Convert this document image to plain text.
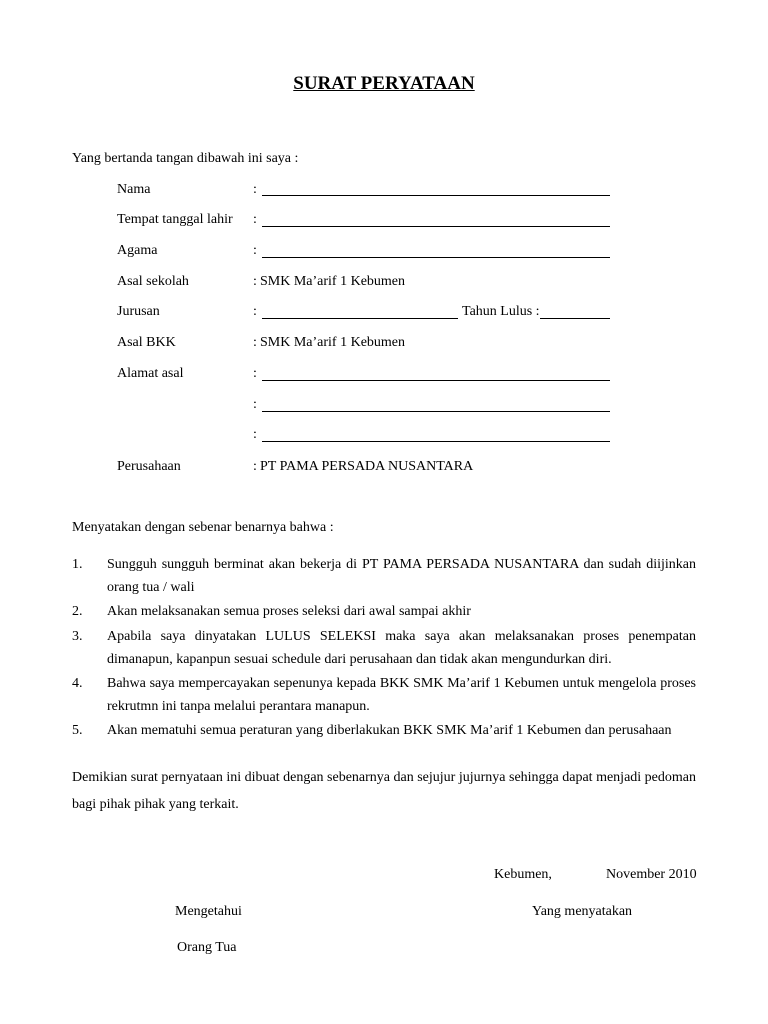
SURAT PERYATAAN
Yang bertanda tangan dibawah ini saya :
Nama	:
Tempat tanggal lahir :
Agama	:
Asal sekolah	: SMK Ma’arif 1 Kebumen
Jurusan	:	Tahun Lulus :
Asal BKK	: SMK Ma’arif 1 Kebumen
Alamat asal	:
:
:
Perusahaan	: PT PAMA PERSADA NUSANTARA
Menyatakan dengan sebenar benarnya bahwa :
1. Sungguh sungguh berminat akan bekerja di PT PAMA PERSADA NUSANTARA dan sudah diijinkan orang tua / wali
2. Akan melaksanakan semua proses seleksi dari awal sampai akhir
3. Apabila saya dinyatakan LULUS SELEKSI maka saya akan melaksanakan proses penempatan dimanapun, kapanpun sesuai schedule dari perusahaan dan tidak akan mengundurkan diri.
4. Bahwa saya mempercayakan sepenunya kepada BKK SMK Ma’arif 1 Kebumen untuk mengelola proses rekrutmn ini tanpa melalui perantara manapun.
5. Akan mematuhi semua peraturan yang diberlakukan BKK SMK Ma’arif 1 Kebumen dan perusahaan
Demikian surat pernyataan ini dibuat dengan sebenarnya dan sejujur jujurnya sehingga dapat menjadi pedoman bagi pihak pihak yang terkait.
Kebumen,	November 2010
Mengetahui	Yang menyatakan
Orang Tua
